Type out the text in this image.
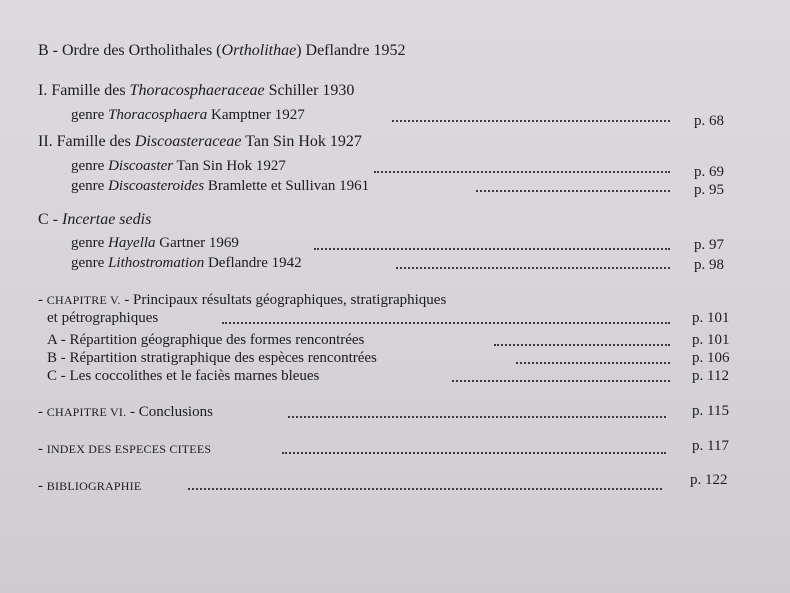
B - Ordre des Ortholithales (Ortholithae) Deflandre 1952
I. Famille des Thoracosphaeraceae Schiller 1930
genre Thoracosphaera Kamptner 1927	p. 68
II. Famille des Discoasteraceae Tan Sin Hok 1927
genre Discoaster Tan Sin Hok 1927	p. 69
genre Discoasteroides Bramlette et Sullivan 1961	p. 95
C - Incertae sedis
genre Hayella Gartner 1969	p. 97
genre Lithostromation Deflandre 1942	p. 98
- CHAPITRE V. - Principaux résultats géographiques, stratigraphiques
et pétrographiques	p. 101
A - Répartition géographique des formes rencontrées	p. 101
B - Répartition stratigraphique des espèces rencontrées	p. 106
C - Les coccolithes et le faciès marnes bleues	p. 112
- CHAPITRE VI. - Conclusions	p. 115
- INDEX DES ESPECES CITEES	p. 117
- BIBLIOGRAPHIE	p. 122
